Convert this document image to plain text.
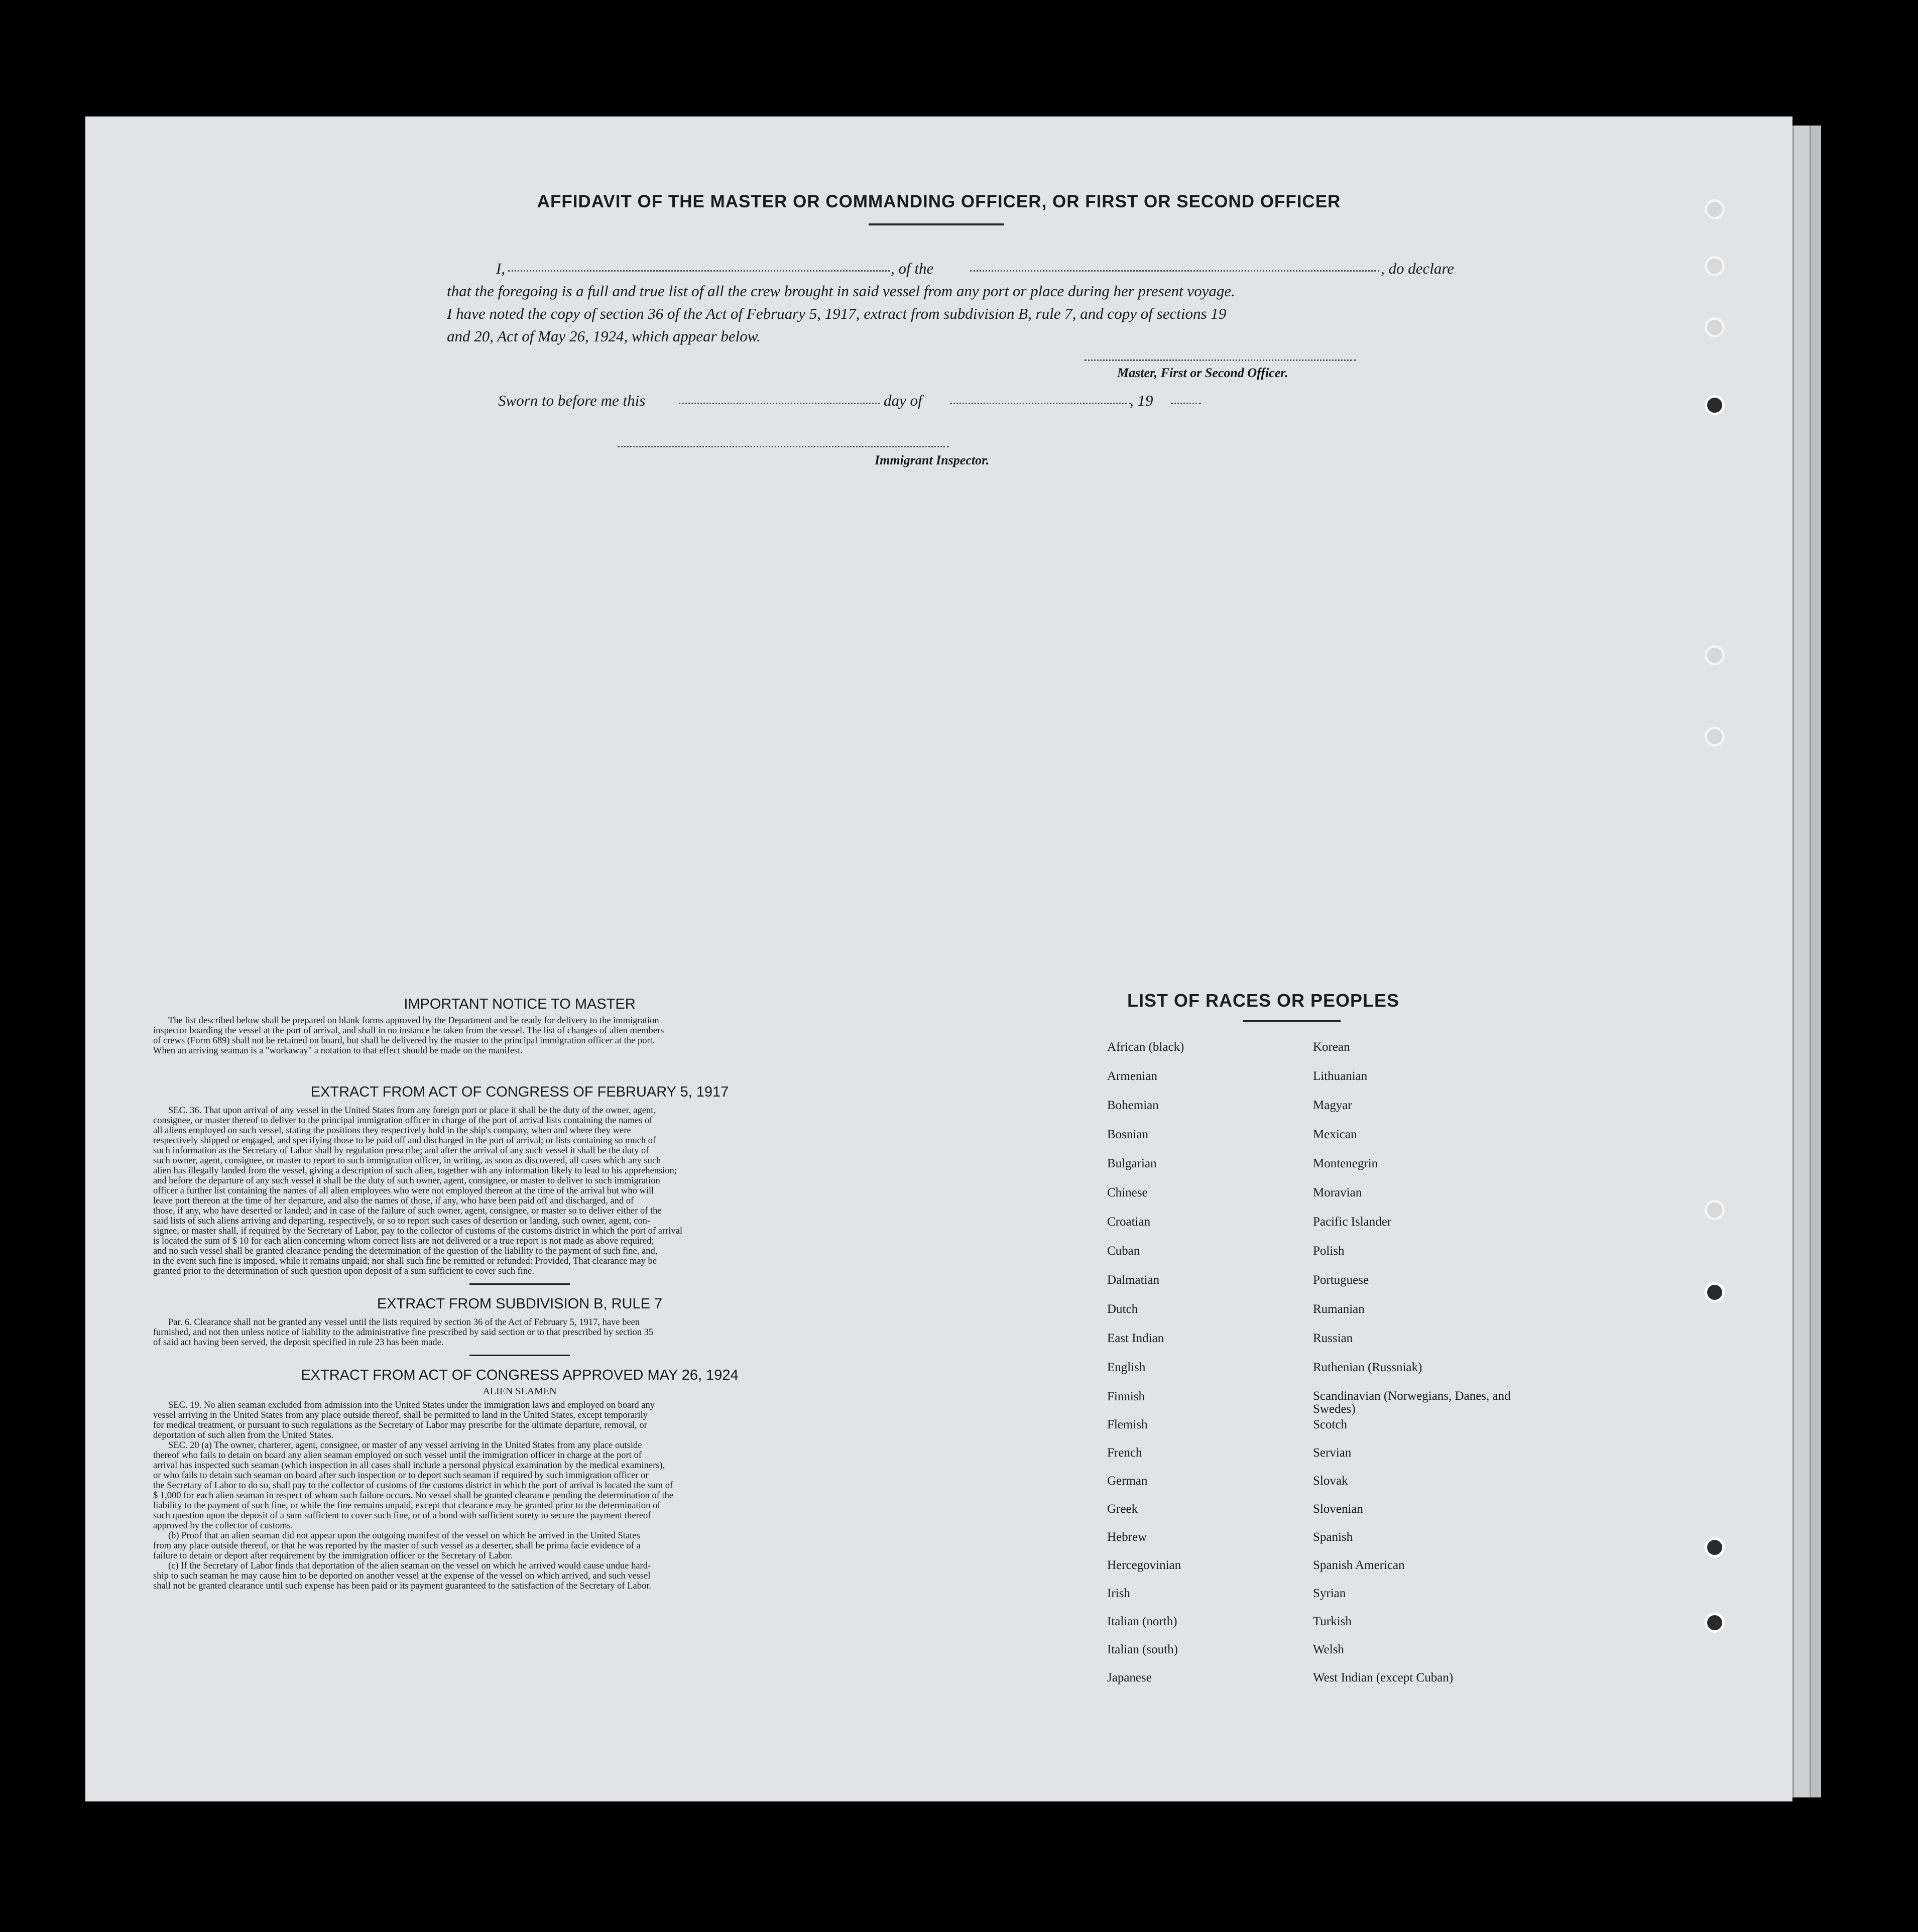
AFFIDAVIT OF THE MASTER OR COMMANDING OFFICER, OR FIRST OR SECOND OFFICER
I,	, of the	, do declare
that the foregoing is a full and true list of all the crew brought in said vessel from any port or place during her present voyage.
I have noted the copy of section 36 of the Act of February 5, 1917, extract from subdivision B, rule 7, and copy of sections 19
and 20, Act of May 26, 1924, which appear below.
Master, First or Second Officer.
Sworn to before me this	day of	, 19
Immigrant Inspector.
IMPORTANT NOTICE TO MASTER
The list described below shall be prepared on blank forms approved by the Department and be ready for delivery to the immigration
inspector boarding the vessel at the port of arrival, and shall in no instance be taken from the vessel. The list of changes of alien members
of crews (Form 689) shall not be retained on board, but shall be delivered by the master to the principal immigration officer at the port.
When an arriving seaman is a "workaway" a notation to that effect should be made on the manifest.
EXTRACT FROM ACT OF CONGRESS OF FEBRUARY 5, 1917
SEC. 36. That upon arrival of any vessel in the United States from any foreign port or place it shall be the duty of the owner, agent,
consignee, or master thereof to deliver to the principal immigration officer in charge of the port of arrival lists containing the names of
all aliens employed on such vessel, stating the positions they respectively hold in the ship's company, when and where they were
respectively shipped or engaged, and specifying those to be paid off and discharged in the port of arrival; or lists containing so much of
such information as the Secretary of Labor shall by regulation prescribe; and after the arrival of any such vessel it shall be the duty of
such owner, agent, consignee, or master to report to such immigration officer, in writing, as soon as discovered, all cases which any such
alien has illegally landed from the vessel, giving a description of such alien, together with any information likely to lead to his apprehension;
and before the departure of any such vessel it shall be the duty of such owner, agent, consignee, or master to deliver to such immigration
officer a further list containing the names of all alien employees who were not employed thereon at the time of the arrival but who will
leave port thereon at the time of her departure, and also the names of those, if any, who have been paid off and discharged, and of
those, if any, who have deserted or landed; and in case of the failure of such owner, agent, consignee, or master so to deliver either of the
said lists of such aliens arriving and departing, respectively, or so to report such cases of desertion or landing, such owner, agent, con-
signee, or master shall, if required by the Secretary of Labor, pay to the collector of customs of the customs district in which the port of arrival
is located the sum of $ 10 for each alien concerning whom correct lists are not delivered or a true report is not made as above required;
and no such vessel shall be granted clearance pending the determination of the question of the liability to the payment of such fine, and,
in the event such fine is imposed, while it remains unpaid; nor shall such fine be remitted or refunded: Provided, That clearance may be
granted prior to the determination of such question upon deposit of a sum sufficient to cover such fine.
EXTRACT FROM SUBDIVISION B, RULE 7
Par. 6. Clearance shall not be granted any vessel until the lists required by section 36 of the Act of February 5, 1917, have been
furnished, and not then unless notice of liability to the administrative fine prescribed by said section or to that prescribed by section 35
of said act having been served, the deposit specified in rule 23 has been made.
EXTRACT FROM ACT OF CONGRESS APPROVED MAY 26, 1924
ALIEN SEAMEN
SEC. 19. No alien seaman excluded from admission into the United States under the immigration laws and employed on board any
vessel arriving in the United States from any place outside thereof, shall be permitted to land in the United States, except temporarily
for medical treatment, or pursuant to such regulations as the Secretary of Labor may prescribe for the ultimate departure, removal, or
deportation of such alien from the United States.
SEC. 20 (a) The owner, charterer, agent, consignee, or master of any vessel arriving in the United States from any place outside
thereof who fails to detain on board any alien seaman employed on such vessel until the immigration officer in charge at the port of
arrival has inspected such seaman (which inspection in all cases shall include a personal physical examination by the medical examiners),
or who fails to detain such seaman on board after such inspection or to deport such seaman if required by such immigration officer or
the Secretary of Labor to do so, shall pay to the collector of customs of the customs district in which the port of arrival is located the sum of
$ 1,000 for each alien seaman in respect of whom such failure occurs. No vessel shall be granted clearance pending the determination of the
liability to the payment of such fine, or while the fine remains unpaid, except that clearance may be granted prior to the determination of
such question upon the deposit of a sum sufficient to cover such fine, or of a bond with sufficient surety to secure the payment thereof
approved by the collector of customs.
(b) Proof that an alien seaman did not appear upon the outgoing manifest of the vessel on which he arrived in the United States
from any place outside thereof, or that he was reported by the master of such vessel as a deserter, shall be prima facie evidence of a
failure to detain or deport after requirement by the immigration officer or the Secretary of Labor.
(c) If the Secretary of Labor finds that deportation of the alien seaman on the vessel on which he arrived would cause undue hard-
ship to such seaman he may cause him to be deported on another vessel at the expense of the vessel on which arrived, and such vessel
shall not be granted clearance until such expense has been paid or its payment guaranteed to the satisfaction of the Secretary of Labor.
LIST OF RACES OR PEOPLES
African (black)
Armenian
Bohemian
Bosnian
Bulgarian
Chinese
Croatian
Cuban
Dalmatian
Dutch
East Indian
English
Finnish
Flemish
French
German
Greek
Hebrew
Hercegovinian
Irish
Italian (north)
Italian (south)
Japanese
Korean
Lithuanian
Magyar
Mexican
Montenegrin
Moravian
Pacific Islander
Polish
Portuguese
Rumanian
Russian
Ruthenian (Russniak)
Scandinavian (Norwegians, Danes, and Swedes)
Scotch
Servian
Slovak
Slovenian
Spanish
Spanish American
Syrian
Turkish
Welsh
West Indian (except Cuban)
